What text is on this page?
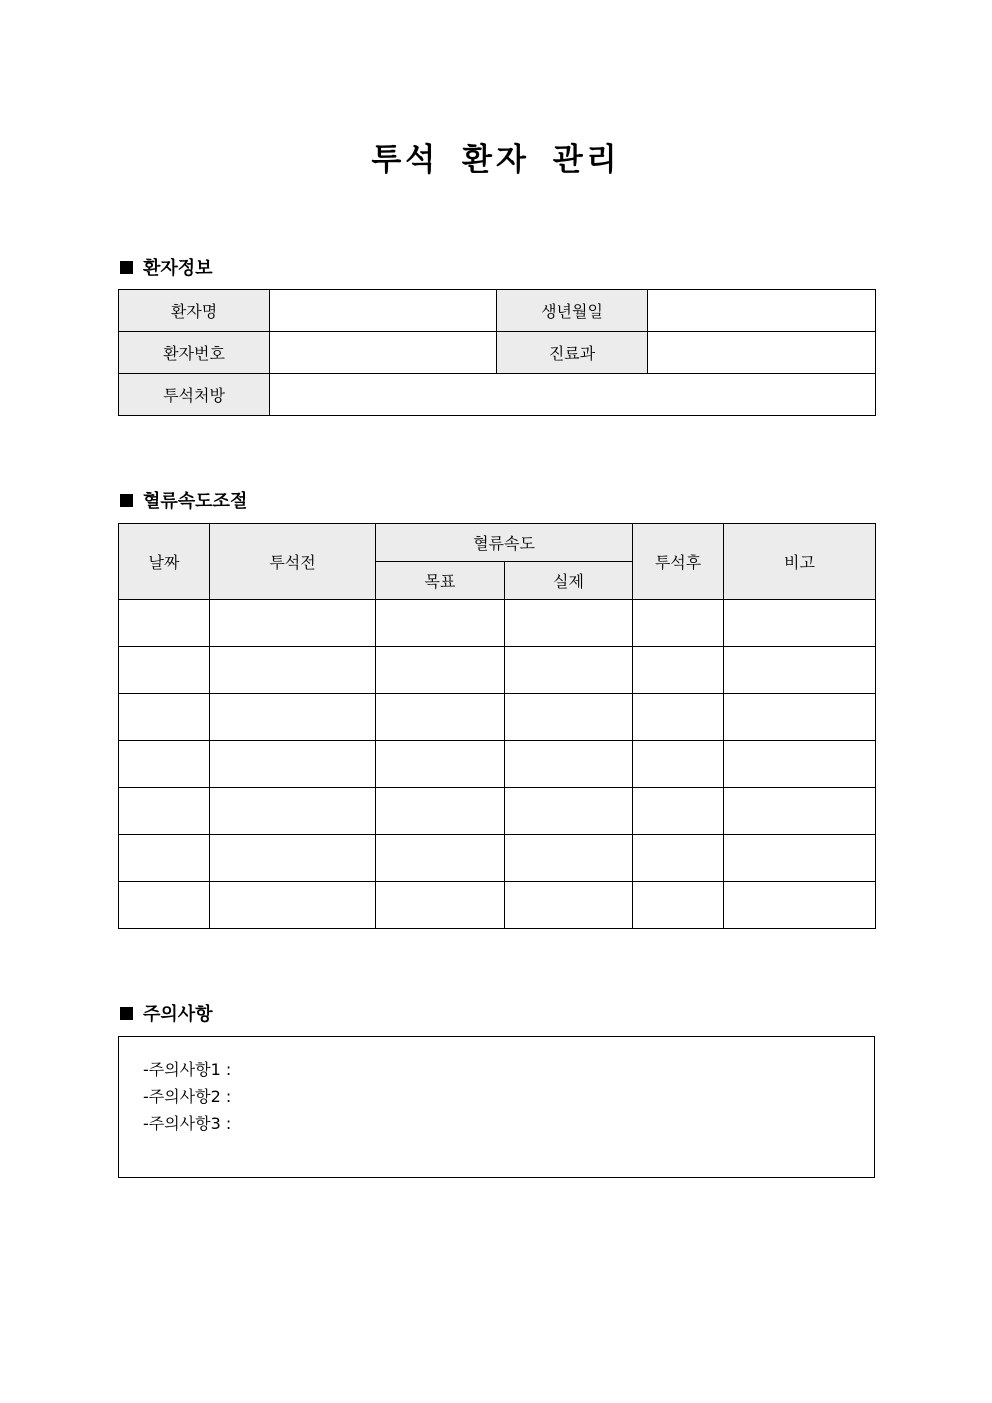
투석 환자 관리
환자정보
환자명		생년월일	
환자번호		진료과	
투석처방			
혈류속도조절
날짜	투석전	혈류속도		투석후	비고
		목표	실제		

주의사항
-주의사항1 :
-주의사항2 :
-주의사항3 :
